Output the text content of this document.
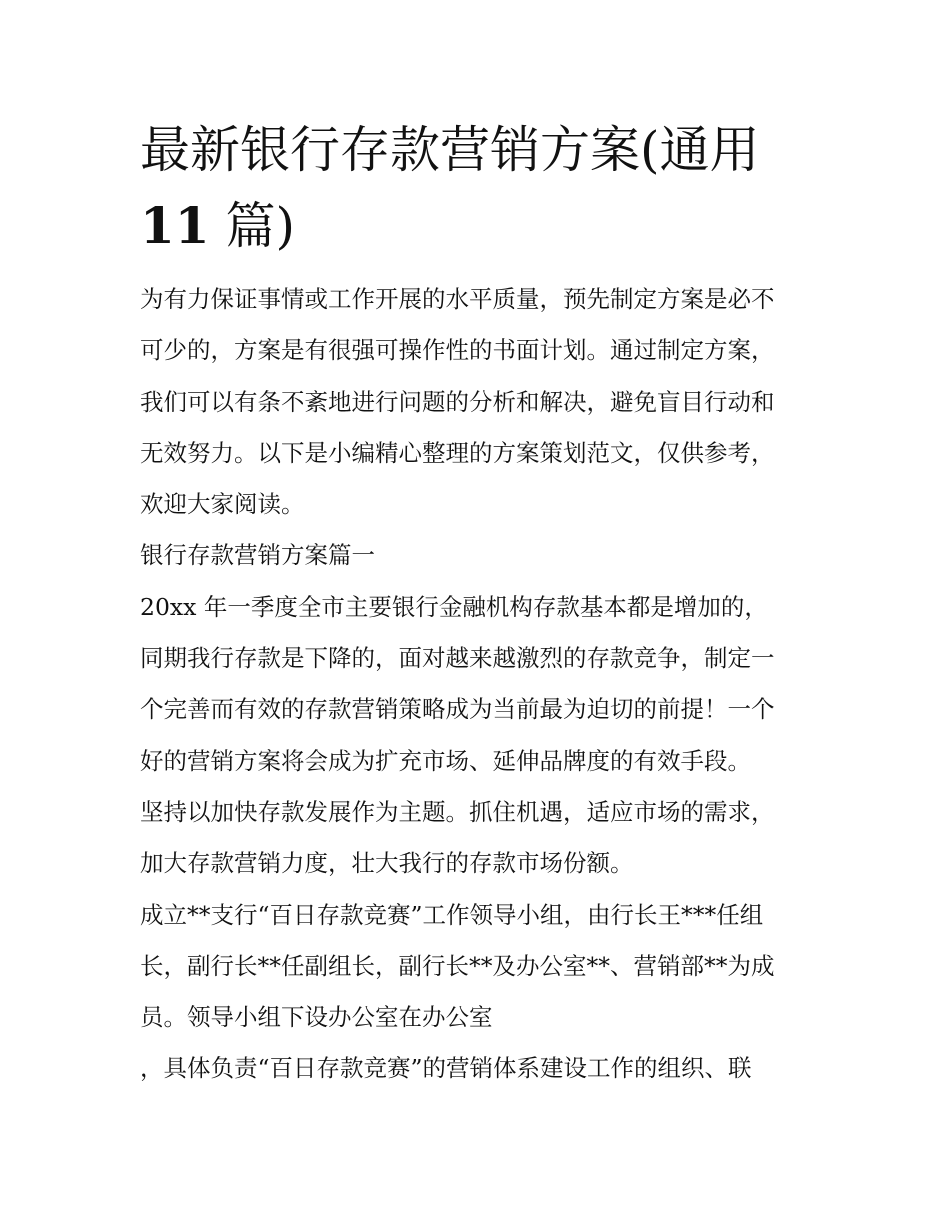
最新银行存款营销方案(通用
11 篇)
为有力保证事情或工作开展的水平质量，预先制定方案是必不
可少的，方案是有很强可操作性的书面计划。通过制定方案，
我们可以有条不紊地进行问题的分析和解决，避免盲目行动和
无效努力。以下是小编精心整理的方案策划范文，仅供参考，
欢迎大家阅读。
银行存款营销方案篇一
20xx 年一季度全市主要银行金融机构存款基本都是增加的，
同期我行存款是下降的，面对越来越激烈的存款竞争，制定一
个完善而有效的存款营销策略成为当前最为迫切的前提！一个
好的营销方案将会成为扩充市场、延伸品牌度的有效手段。
坚持以加快存款发展作为主题。抓住机遇，适应市场的需求，
加大存款营销力度，壮大我行的存款市场份额。
成立**支行“百日存款竞赛”工作领导小组，由行长王***任组
长，副行长**任副组长，副行长**及办公室**、营销部**为成
员。领导小组下设办公室在办公室
，具体负责“百日存款竞赛”的营销体系建设工作的组织、联
